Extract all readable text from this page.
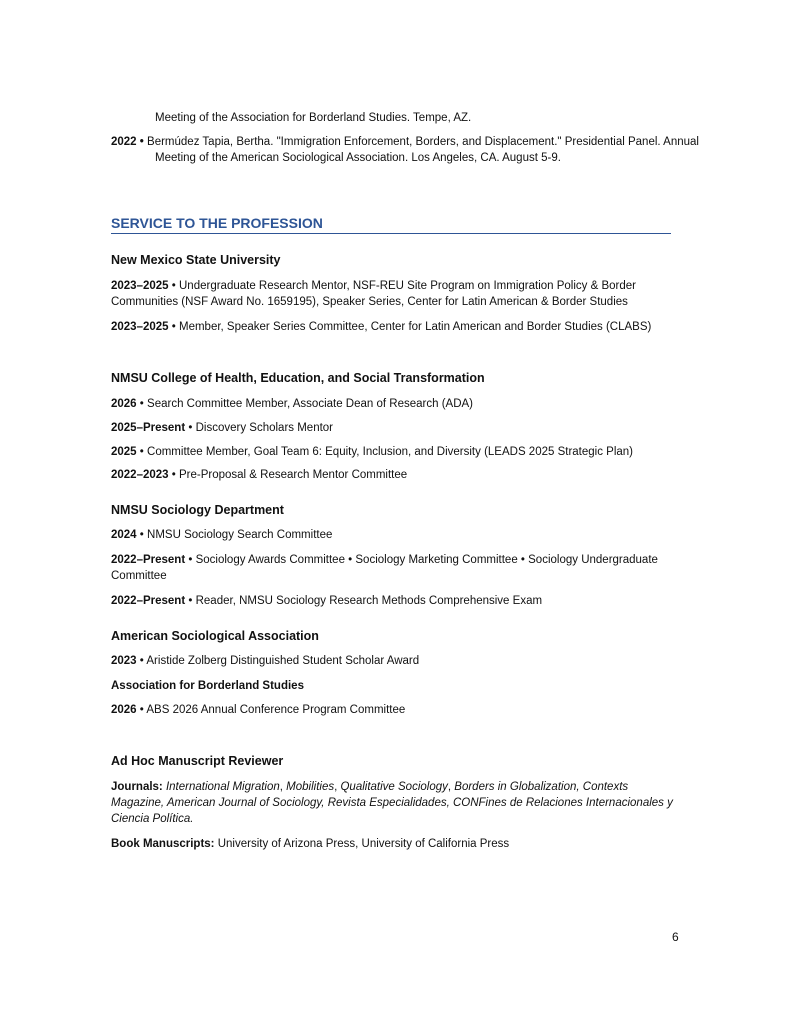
Meeting of the Association for Borderland Studies. Tempe, AZ.
2022 • Bermúdez Tapia, Bertha. "Immigration Enforcement, Borders, and Displacement." Presidential Panel. Annual Meeting of the American Sociological Association. Los Angeles, CA. August 5-9.
SERVICE TO THE PROFESSION
New Mexico State University
2023–2025 • Undergraduate Research Mentor, NSF-REU Site Program on Immigration Policy & Border Communities (NSF Award No. 1659195), Speaker Series, Center for Latin American & Border Studies
2023–2025 • Member, Speaker Series Committee, Center for Latin American and Border Studies (CLABS)
NMSU College of Health, Education, and Social Transformation
2026 • Search Committee Member, Associate Dean of Research (ADA)
2025–Present • Discovery Scholars Mentor
2025 • Committee Member, Goal Team 6: Equity, Inclusion, and Diversity (LEADS 2025 Strategic Plan)
2022–2023 • Pre-Proposal & Research Mentor Committee
NMSU Sociology Department
2024 • NMSU Sociology Search Committee
2022–Present • Sociology Awards Committee • Sociology Marketing Committee • Sociology Undergraduate Committee
2022–Present • Reader, NMSU Sociology Research Methods Comprehensive Exam
American Sociological Association
2023 • Aristide Zolberg Distinguished Student Scholar Award
Association for Borderland Studies
2026 • ABS 2026 Annual Conference Program Committee
Ad Hoc Manuscript Reviewer
Journals: International Migration, Mobilities, Qualitative Sociology, Borders in Globalization, Contexts Magazine, American Journal of Sociology, Revista Especialidades, CONFines de Relaciones Internacionales y Ciencia Política.
Book Manuscripts: University of Arizona Press, University of California Press
6
